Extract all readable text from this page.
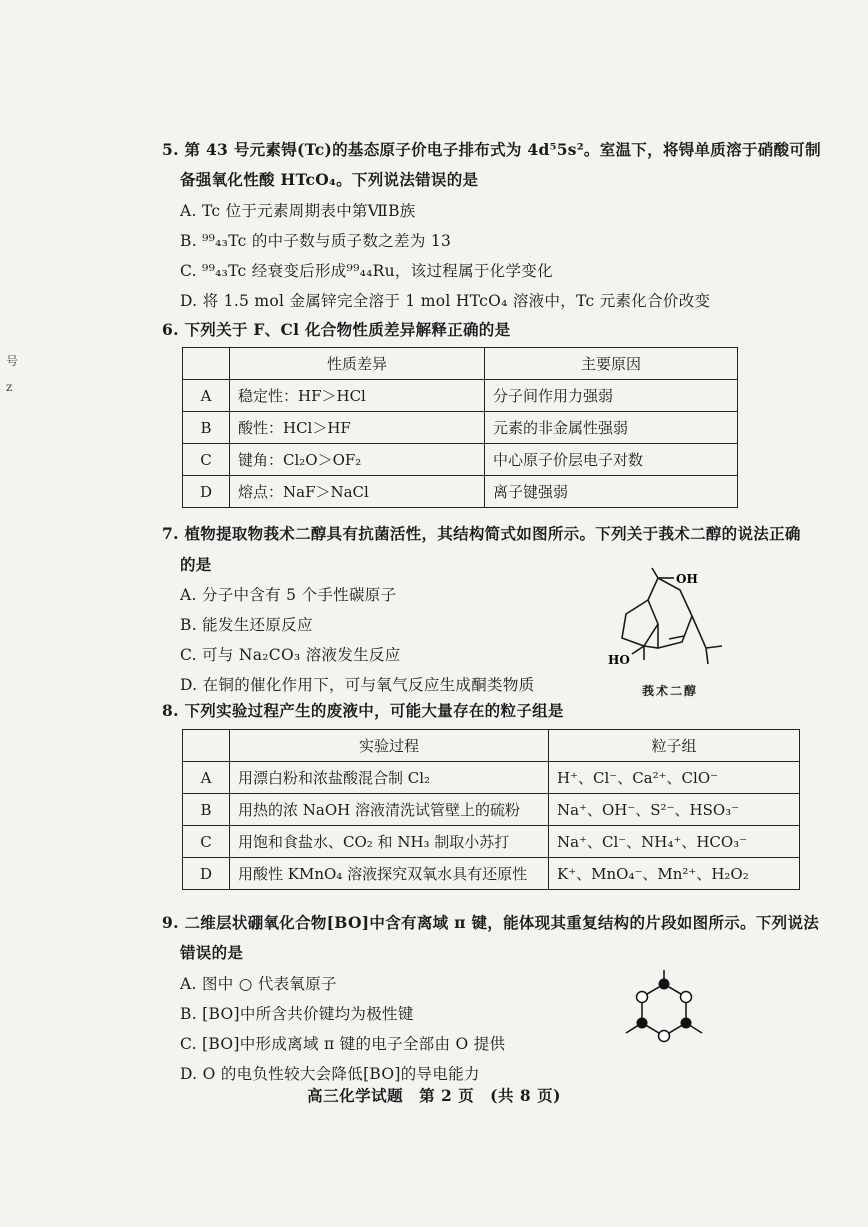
号
z
5. 第 43 号元素锝(Tc)的基态原子价电子排布式为 4d⁵5s²。室温下，将锝单质溶于硝酸可制
备强氧化性酸 HTcO₄。下列说法错误的是
A. Tc 位于元素周期表中第ⅦB族
B. ⁹⁹₄₃Tc 的中子数与质子数之差为 13
C. ⁹⁹₄₃Tc 经衰变后形成⁹⁹₄₄Ru，该过程属于化学变化
D. 将 1.5 mol 金属锌完全溶于 1 mol HTcO₄ 溶液中，Tc 元素化合价改变
6. 下列关于 F、Cl 化合物性质差异解释正确的是
	性质差异	主要原因
A	稳定性：HF＞HCl	分子间作用力强弱
B	酸性：HCl＞HF	元素的非金属性强弱
C	键角：Cl₂O＞OF₂	中心原子价层电子对数
D	熔点：NaF＞NaCl	离子键强弱
7. 植物提取物莪术二醇具有抗菌活性，其结构简式如图所示。下列关于莪术二醇的说法正确
的是
A. 分子中含有 5 个手性碳原子
B. 能发生还原反应
C. 可与 Na₂CO₃ 溶液发生反应
D. 在铜的催化作用下，可与氧气反应生成酮类物质
OH
HO
莪术二醇
8. 下列实验过程产生的废液中，可能大量存在的粒子组是
	实验过程	粒子组
A	用漂白粉和浓盐酸混合制 Cl₂	H⁺、Cl⁻、Ca²⁺、ClO⁻
B	用热的浓 NaOH 溶液清洗试管壁上的硫粉	Na⁺、OH⁻、S²⁻、HSO₃⁻
C	用饱和食盐水、CO₂ 和 NH₃ 制取小苏打	Na⁺、Cl⁻、NH₄⁺、HCO₃⁻
D	用酸性 KMnO₄ 溶液探究双氧水具有还原性	K⁺、MnO₄⁻、Mn²⁺、H₂O₂
9. 二维层状硼氧化合物[BO]中含有离域 π 键，能体现其重复结构的片段如图所示。下列说法
错误的是
A. 图中 ○ 代表氧原子
B. [BO]中所含共价键均为极性键
C. [BO]中形成离域 π 键的电子全部由 O 提供
D. O 的电负性较大会降低[BO]的导电能力
高三化学试题　第 2 页　(共 8 页)
